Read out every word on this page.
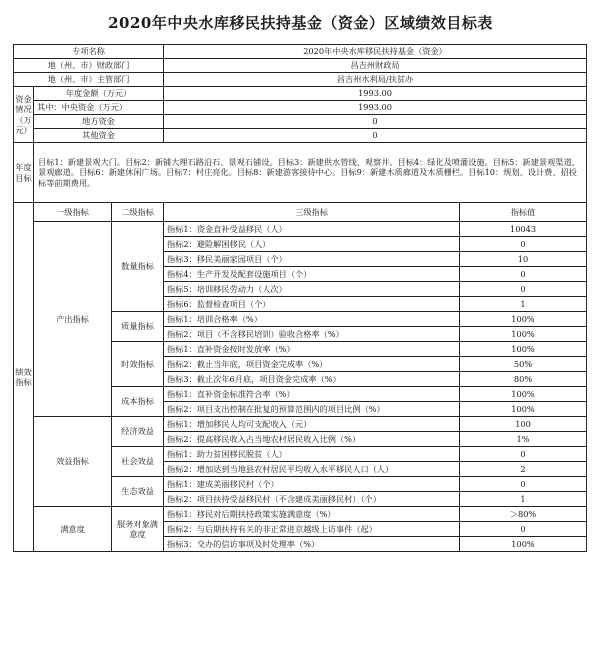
2020年中央水库移民扶持基金（资金）区域绩效目标表
专项名称			2020年中央水库移民扶持基金（资金）	
地（州、市）财政部门			昌吉州财政局	
地（州、市）主管部门			昌吉州水利局/扶贫办	
资金情况（万元）	年度金额（万元）		1993.00	
	其中：中央资金（万元）		1993.00	
	地方资金		0	
	其他资金		0	
年度目标	目标1：新建景观大门。目标2：新铺大理石路沿石、景观石铺设。目标3：新建供水管线、观察井。目标4：绿化及喷灌设施。目标5：新建景观渠道、景观廊道。目标6：新建休闲广场。目标7：村庄亮化。目标8：新建游客接待中心。目标9：新建木质廊道及木质栅栏。目标10：规划、设计费、招投标等前期费用。			
绩效指标	一级指标	二级指标	三级指标	指标值
	产出指标	数量指标	指标1：资金直补受益移民（人）	10043
			指标2：避险解困移民（人）	0
			指标3：移民美丽家园项目（个）	10
			指标4：生产开发及配套设施项目（个）	0
			指标5：培训移民劳动力（人次）	0
			指标6：监督检查项目（个）	1
		质量指标	指标1：培训合格率（%）	100%
			指标2：项目（不含移民培训）验收合格率（%）	100%
		时效指标	指标1：直补资金按时发放率（%）	100%
			指标2：截止当年底，项目资金完成率（%）	50%
			指标3：截止次年6月底，项目资金完成率（%）	80%
		成本指标	指标1：直补资金标准符合率（%）	100%
			指标2：项目支出控制在批复的预算范围内的项目比例（%）	100%
	效益指标	经济效益	指标1：增加移民人均可支配收入（元）	100
			指标2：提高移民收入占当地农村居民收入比例（%）	1%
		社会效益	指标1：助力贫困移民脱贫（人）	0
			指标2：增加达到当地县农村居民平均收入水平移民人口（人）	2
		生态效益	指标1：建成美丽移民村（个）	0
			指标2：项目扶持受益移民村（不含建成美丽移民村）（个）	1
	满意度	服务对象满意度	指标1：移民对后期扶持政策实施满意度（%）	＞80%
			指标2：与后期扶持有关的非正常进京越级上访事件（起）	0
			指标3：交办的信访事项及时处理率（%）	100%
